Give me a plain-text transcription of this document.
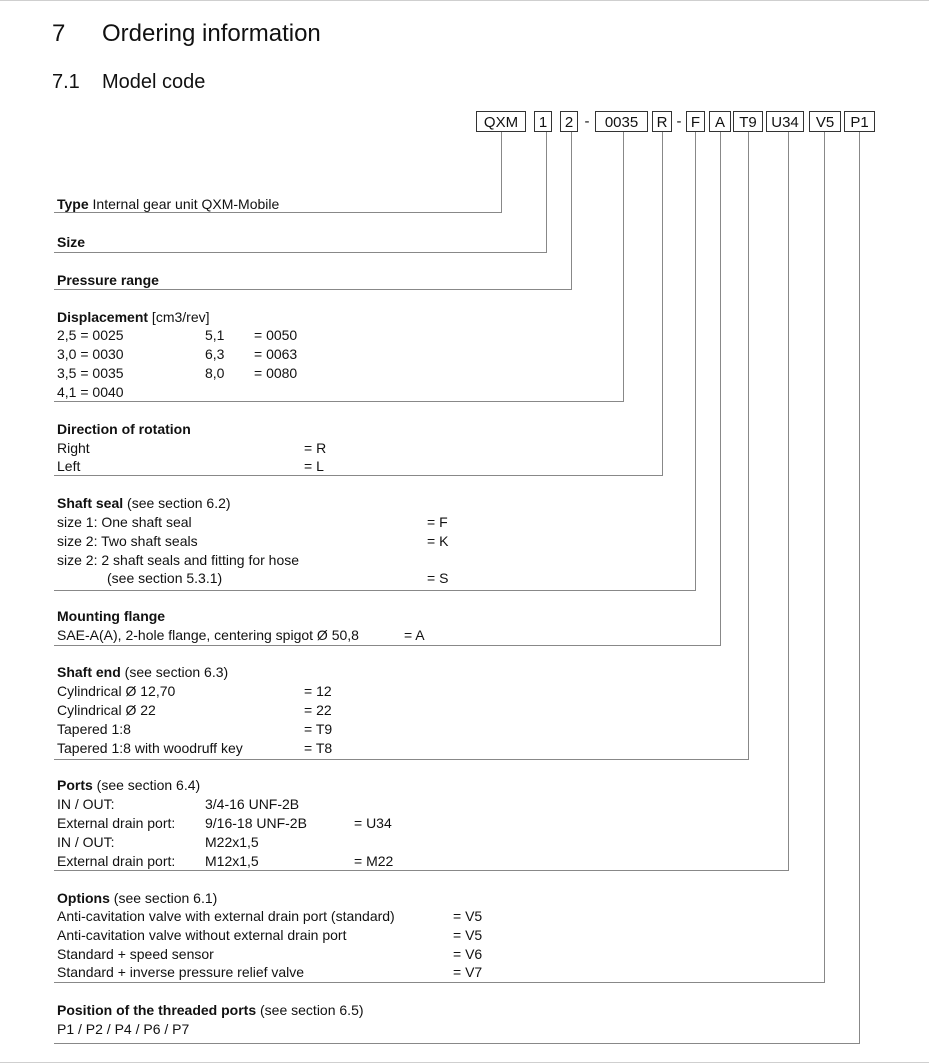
7 Ordering information
7.1 Model code
QXM	1	2 -	0035	R - F A T9 U34	V5	P1
Type Internal gear unit QXM-Mobile
Size
Pressure range
Displacement [cm3/rev]
2,5 = 0025	5,1 = 0050
3,0 = 0030	6,3 = 0063
3,5 = 0035	8,0 = 0080
4,1 = 0040
Direction of rotation
Right	= R
Left	= L
Shaft seal (see section 6.2)
size 1: One shaft seal	= F
size 2: Two shaft seals	= K
size 2: 2 shaft seals and fitting for hose
(see section 5.3.1)	= S
Mounting flange
SAE-A(A), 2-hole flange, centering spigot Ø 50,8	= A
Shaft end (see section 6.3)
Cylindrical Ø 12,70	= 12
Cylindrical Ø 22	= 22
Tapered 1:8	= T9
Tapered 1:8 with woodruff key	= T8
Ports (see section 6.4)
IN / OUT:	3/4-16 UNF-2B
External drain port: 9/16-18 UNF-2B	= U34
IN / OUT:	M22x1,5
External drain port: M12x1,5	= M22
Options (see section 6.1)
Anti-cavitation valve with external drain port (standard)	= V5
Anti-cavitation valve without external drain port	= V5
Standard + speed sensor	= V6
Standard + inverse pressure relief valve	= V7
Position of the threaded ports (see section 6.5)
P1 / P2 / P4 / P6 / P7
